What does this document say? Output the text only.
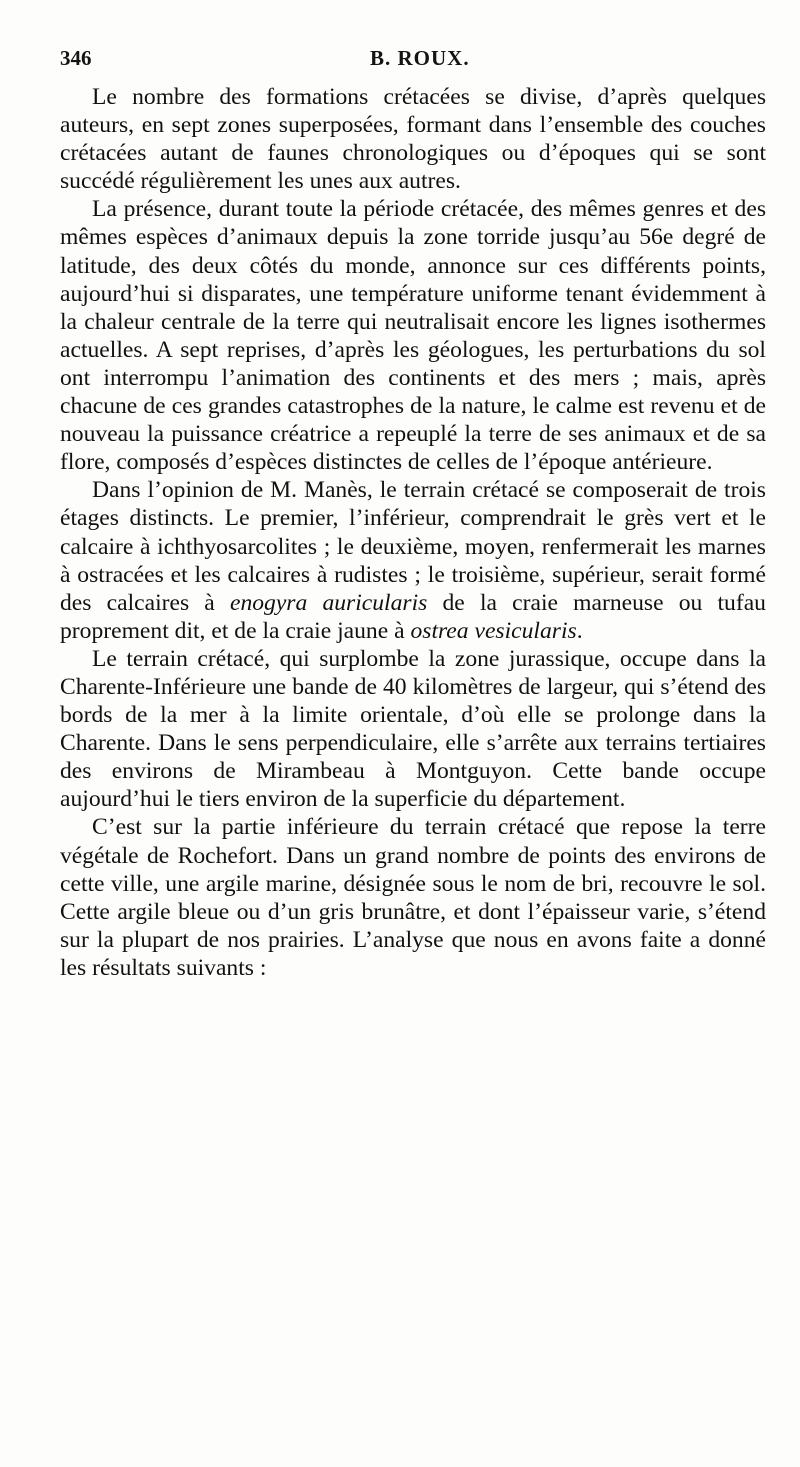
346	B. ROUX.

Le nombre des formations crétacées se divise, d’après quelques auteurs, en sept zones superposées, formant dans l’ensemble des couches crétacées autant de faunes chronologiques ou d’époques qui se sont succédé régulièrement les unes aux autres.

La présence, durant toute la période crétacée, des mêmes genres et des mêmes espèces d’animaux depuis la zone torride jusqu’au 56e degré de latitude, des deux côtés du monde, annonce sur ces différents points, aujourd’hui si disparates, une température uniforme tenant évidemment à la chaleur centrale de la terre qui neutralisait encore les lignes isothermes actuelles. A sept reprises, d’après les géologues, les perturbations du sol ont interrompu l’animation des continents et des mers ; mais, après chacune de ces grandes catastrophes de la nature, le calme est revenu et de nouveau la puissance créatrice a repeuplé la terre de ses animaux et de sa flore, composés d’espèces distinctes de celles de l’époque antérieure.

Dans l’opinion de M. Manès, le terrain crétacé se composerait de trois étages distincts. Le premier, l’inférieur, comprendrait le grès vert et le calcaire à ichthyosarcolites ; le deuxième, moyen, renfermerait les marnes à ostracées et les calcaires à rudistes ; le troisième, supérieur, serait formé des calcaires à enogyra auricularis de la craie marneuse ou tufau proprement dit, et de la craie jaune à ostrea vesicularis.

Le terrain crétacé, qui surplombe la zone jurassique, occupe dans la Charente-Inférieure une bande de 40 kilomètres de largeur, qui s’étend des bords de la mer à la limite orientale, d’où elle se prolonge dans la Charente. Dans le sens perpendiculaire, elle s’arrête aux terrains tertiaires des environs de Mirambeau à Montguyon. Cette bande occupe aujourd’hui le tiers environ de la superficie du département.

C’est sur la partie inférieure du terrain crétacé que repose la terre végétale de Rochefort. Dans un grand nombre de points des environs de cette ville, une argile marine, désignée sous le nom de bri, recouvre le sol. Cette argile bleue ou d’un gris brunâtre, et dont l’épaisseur varie, s’étend sur la plupart de nos prairies. L’analyse que nous en avons faite a donné les résultats suivants :
